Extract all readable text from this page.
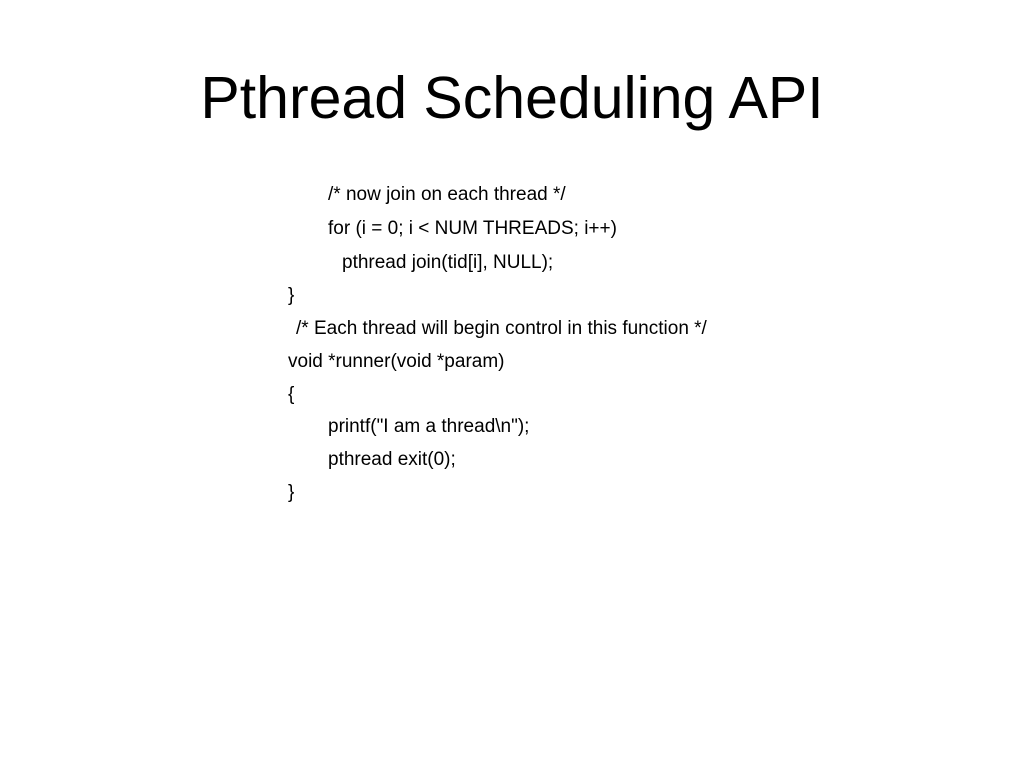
Pthread Scheduling API
/* now join on each thread */
for (i = 0; i < NUM THREADS; i++)
pthread join(tid[i], NULL);
}
/* Each thread will begin control in this function */
void *runner(void *param)
{
printf("I am a thread\n");
pthread exit(0);
}
